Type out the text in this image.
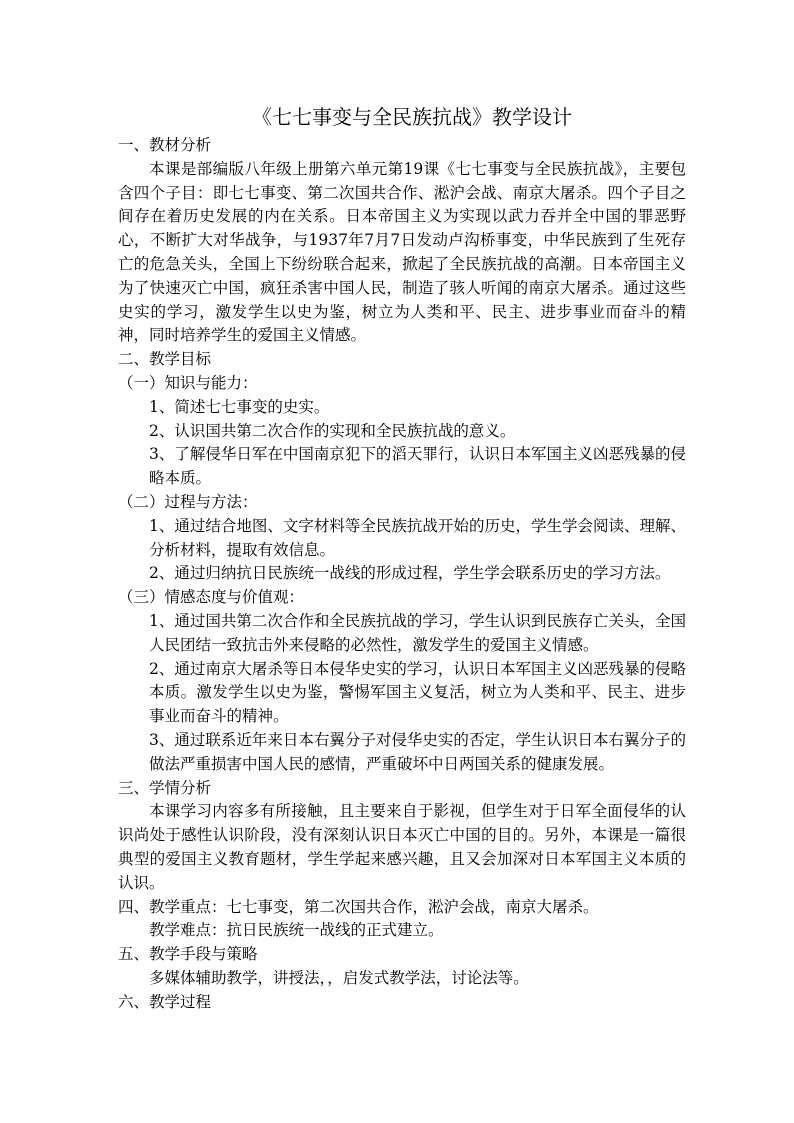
《七七事变与全民族抗战》教学设计

一、教材分析

本课是部编版八年级上册第六单元第19课《七七事变与全民族抗战》，主要包含四个子目：即七七事变、第二次国共合作、淞沪会战、南京大屠杀。四个子目之间存在着历史发展的内在关系。日本帝国主义为实现以武力吞并全中国的罪恶野心，不断扩大对华战争，与1937年7月7日发动卢沟桥事变，中华民族到了生死存亡的危急关头，全国上下纷纷联合起来，掀起了全民族抗战的高潮。日本帝国主义为了快速灭亡中国，疯狂杀害中国人民，制造了骇人听闻的南京大屠杀。通过这些史实的学习，激发学生以史为鉴，树立为人类和平、民主、进步事业而奋斗的精神，同时培养学生的爱国主义情感。

二、教学目标

（一）知识与能力：

1、简述七七事变的史实。

2、认识国共第二次合作的实现和全民族抗战的意义。

3、了解侵华日军在中国南京犯下的滔天罪行，认识日本军国主义凶恶残暴的侵略本质。

（二）过程与方法：

1、通过结合地图、文字材料等全民族抗战开始的历史，学生学会阅读、理解、分析材料，提取有效信息。

2、通过归纳抗日民族统一战线的形成过程，学生学会联系历史的学习方法。

（三）情感态度与价值观：

1、通过国共第二次合作和全民族抗战的学习，学生认识到民族存亡关头，全国人民团结一致抗击外来侵略的必然性，激发学生的爱国主义情感。

2、通过南京大屠杀等日本侵华史实的学习，认识日本军国主义凶恶残暴的侵略本质。激发学生以史为鉴，警惕军国主义复活，树立为人类和平、民主、进步事业而奋斗的精神。

3、通过联系近年来日本右翼分子对侵华史实的否定，学生认识日本右翼分子的做法严重损害中国人民的感情，严重破坏中日两国关系的健康发展。

三、学情分析

本课学习内容多有所接触，且主要来自于影视，但学生对于日军全面侵华的认识尚处于感性认识阶段，没有深刻认识日本灭亡中国的目的。另外，本课是一篇很典型的爱国主义教育题材，学生学起来感兴趣，且又会加深对日本军国主义本质的认识。

四、教学重点：七七事变，第二次国共合作，淞沪会战，南京大屠杀。

教学难点：抗日民族统一战线的正式建立。

五、教学手段与策略

多媒体辅助教学，讲授法，，启发式教学法，讨论法等。

六、教学过程
